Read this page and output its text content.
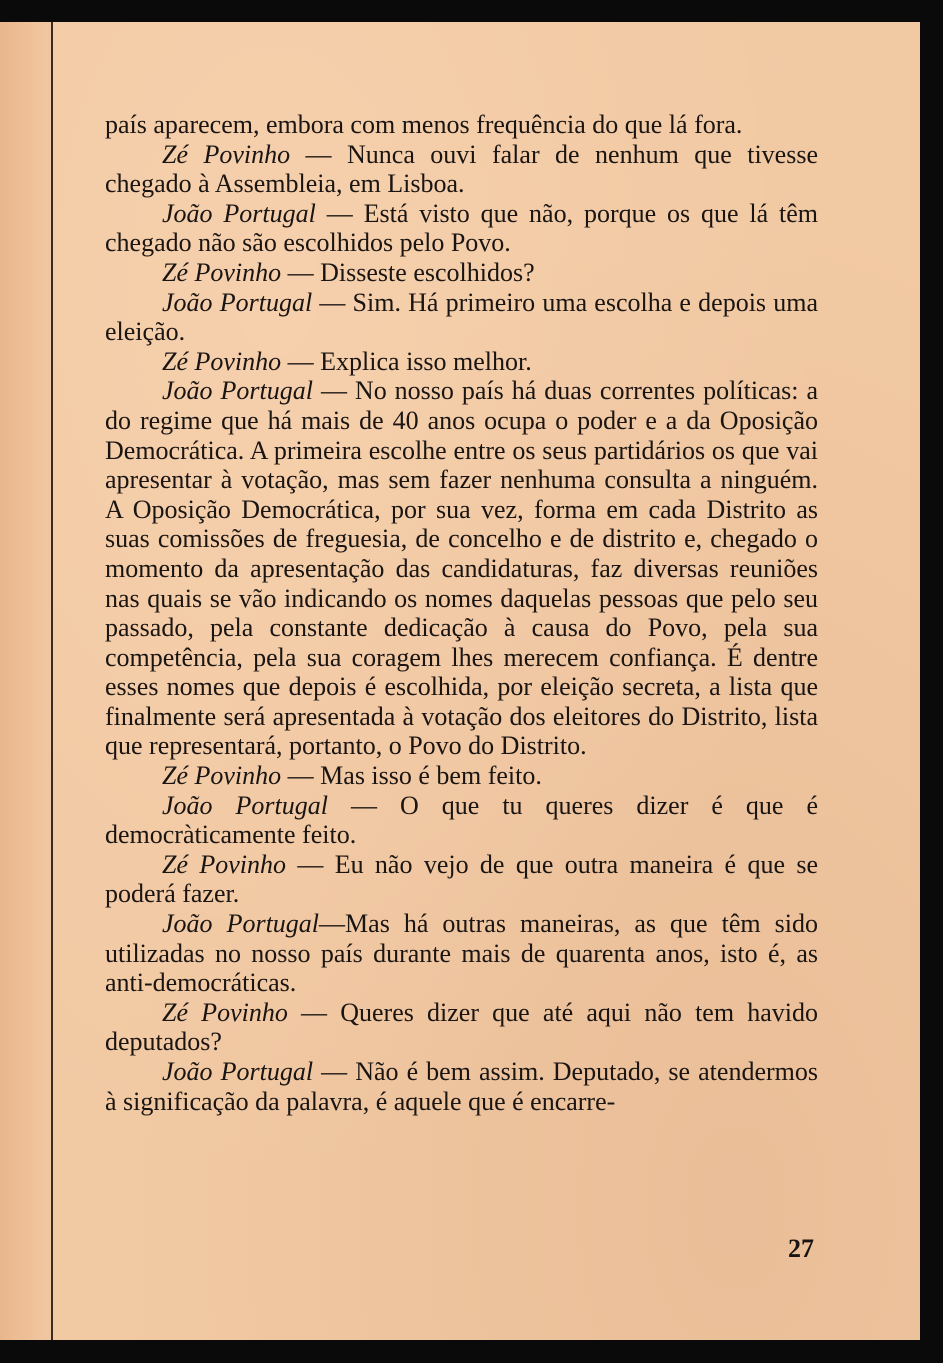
país aparecem, embora com menos frequência do que lá fora.

Zé Povinho — Nunca ouvi falar de nenhum que tivesse chegado à Assembleia, em Lisboa.

João Portugal — Está visto que não, porque os que lá têm chegado não são escolhidos pelo Povo.

Zé Povinho — Disseste escolhidos?

João Portugal — Sim. Há primeiro uma escolha e depois uma eleição.

Zé Povinho — Explica isso melhor.

João Portugal — No nosso país há duas correntes políticas: a do regime que há mais de 40 anos ocupa o poder e a da Oposição Democrática. A primeira escolhe entre os seus partidários os que vai apresentar à votação, mas sem fazer nenhuma consulta a ninguém. A Oposição Democrática, por sua vez, forma em cada Distrito as suas comissões de freguesia, de concelho e de distrito e, chegado o momento da apresentação das candidaturas, faz diversas reuniões nas quais se vão indicando os nomes daquelas pessoas que pelo seu passado, pela constante dedicação à causa do Povo, pela sua competência, pela sua coragem lhes merecem confiança. É dentre esses nomes que depois é escolhida, por eleição secreta, a lista que finalmente será apresentada à votação dos eleitores do Distrito, lista que representará, portanto, o Povo do Distrito.

Zé Povinho — Mas isso é bem feito.

João Portugal — O que tu queres dizer é que é democràticamente feito.

Zé Povinho — Eu não vejo de que outra maneira é que se poderá fazer.

João Portugal—Mas há outras maneiras, as que têm sido utilizadas no nosso país durante mais de quarenta anos, isto é, as anti-democráticas.

Zé Povinho — Queres dizer que até aqui não tem havido deputados?

João Portugal — Não é bem assim. Deputado, se atendermos à significação da palavra, é aquele que é encarre-

27
